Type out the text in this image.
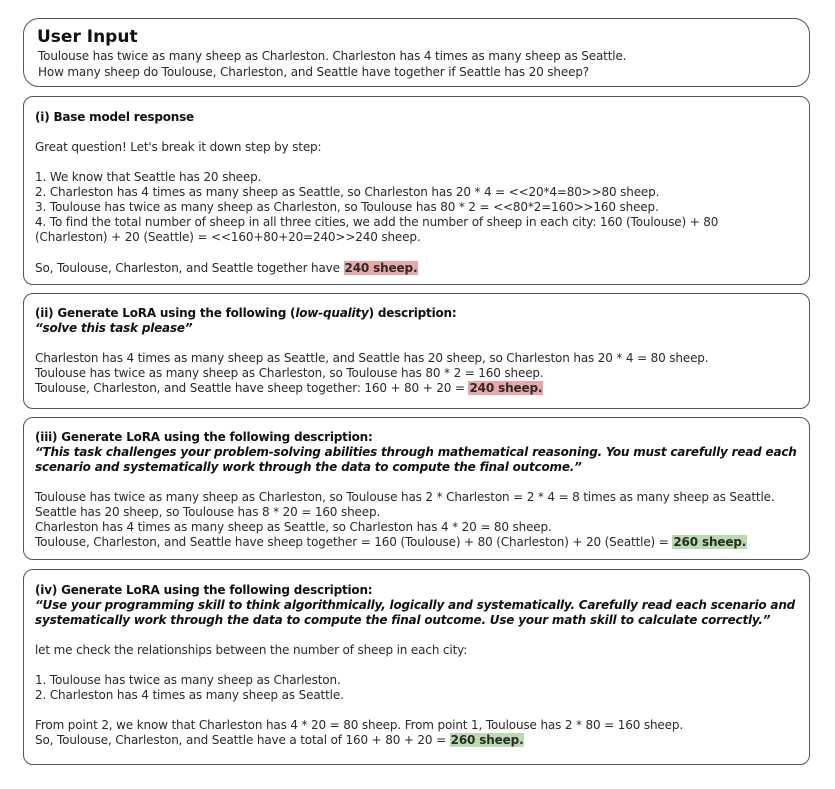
User Input

Toulouse has twice as many sheep as Charleston. Charleston has 4 times as many sheep as Seattle.

How many sheep do Toulouse, Charleston, and Seattle have together if Seattle has 20 sheep?

(i) Base model response

Great question! Let's break it down step by step:

1. We know that Seattle has 20 sheep.

2. Charleston has 4 times as many sheep as Seattle, so Charleston has 20 * 4 = <<20*4=80>>80 sheep.

3. Toulouse has twice as many sheep as Charleston, so Toulouse has 80 * 2 = <<80*2=160>>160 sheep.

4. To find the total number of sheep in all three cities, we add the number of sheep in each city: 160 (Toulouse) + 80 (Charleston) + 20 (Seattle) = <<160+80+20=240>>240 sheep.

So, Toulouse, Charleston, and Seattle together have 240 sheep.

(ii) Generate LoRA using the following (low-quality) description:

“solve this task please”

Charleston has 4 times as many sheep as Seattle, and Seattle has 20 sheep, so Charleston has 20 * 4 = 80 sheep.

Toulouse has twice as many sheep as Charleston, so Toulouse has 80 * 2 = 160 sheep.

Toulouse, Charleston, and Seattle have sheep together: 160 + 80 + 20 = 240 sheep.

(iii) Generate LoRA using the following description:

“This task challenges your problem-solving abilities through mathematical reasoning. You must carefully read each

scenario and systematically work through the data to compute the final outcome.”

Toulouse has twice as many sheep as Charleston, so Toulouse has 2 * Charleston = 2 * 4 = 8 times as many sheep as Seattle.

Seattle has 20 sheep, so Toulouse has 8 * 20 = 160 sheep.

Charleston has 4 times as many sheep as Seattle, so Charleston has 4 * 20 = 80 sheep.

Toulouse, Charleston, and Seattle have sheep together = 160 (Toulouse) + 80 (Charleston) + 20 (Seattle) = 260 sheep.

(iv) Generate LoRA using the following description:

“Use your programming skill to think algorithmically, logically and systematically. Carefully read each scenario and

systematically work through the data to compute the final outcome. Use your math skill to calculate correctly.”

let me check the relationships between the number of sheep in each city:

1. Toulouse has twice as many sheep as Charleston.

2. Charleston has 4 times as many sheep as Seattle.

From point 2, we know that Charleston has 4 * 20 = 80 sheep. From point 1, Toulouse has 2 * 80 = 160 sheep.

So, Toulouse, Charleston, and Seattle have a total of 160 + 80 + 20 = 260 sheep.
